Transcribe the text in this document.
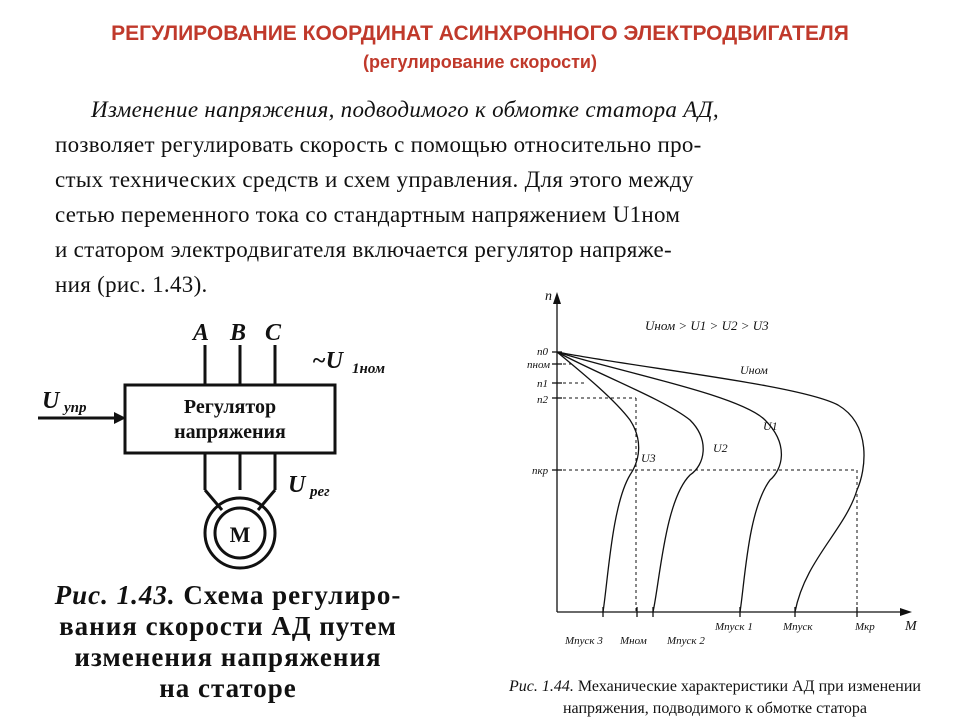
РЕГУЛИРОВАНИЕ КООРДИНАТ АСИНХРОННОГО ЭЛЕКТРОДВИГАТЕЛЯ
(регулирование скорости)
Изменение напряжения, подводимого к обмотке статора АД,
позволяет регулировать скорость с помощью относительно про-
стых технических средств и схем управления. Для этого между
сетью переменного тока со стандартным напряжением U1ном
и статором электродвигателя включается регулятор напряже-
ния (рис. 1.43).
A B C
~U 1ном
U упр
U рег
Регулятор
напряжения
М
Рис. 1.43. Схема регулиро-
вания скорости АД путем
изменения напряжения
на статоре
n
M
Uном > U1 > U2 > U3
n0
nном
n1
n2
nкр
Uном
U1
U2
U3
Mпуск 3 Mном Mпуск 2
Mпуск 1	Mпуск	Mкр
Рис. 1.44. Механические характеристики АД при изменении
напряжения, подводимого к обмотке статора
